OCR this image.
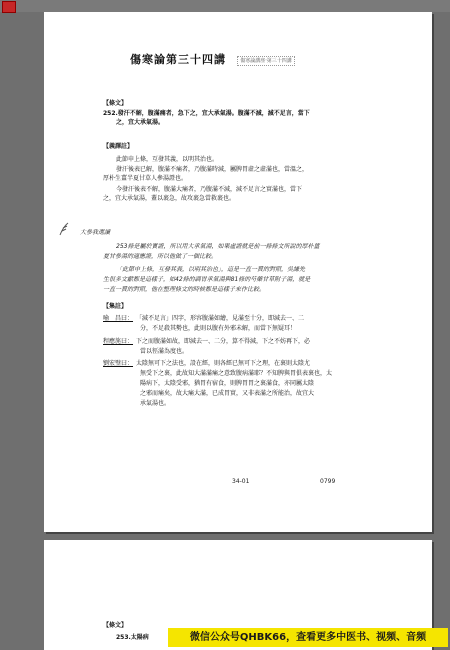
傷寒論第三十四講	傷寒論講座‧第三十四講
【條文】
252.發汗不解，腹滿痛者，急下之，宜大承氣湯。腹滿不減，減不足言，當下
之，宜大承氣湯。
【義譯註】
此節申上條，互發其義，以明其治也。
發汗後表已解，腹滿不痛者，乃腹滿時減，屬脾胃虛之虛滿也，當溫之，
厚朴生薑半夏甘草人參湯證也。
今發汗後表不解，腹滿大痛者，乃腹滿不減，減不足言之實滿也，當下
之，宜大承氣湯，蓋以裹急，故攻裹急當救裹也。
大參我選讀
253條是屬於實證，所以用大承氣湯，如果虛證就是前一條條文所說的厚朴薑
夏甘參湯的適應證，所以他做了一個比較。
「此節申上條，互發其義，以明其治也」，這是一直一貫的對照，吳謙先
生很多文獻都是這樣子，如42條的調胃承氣湯與81條的芍藥甘草附子湯，就是
一直一貫的對照，他在整理條文的時候都是這樣子來作比較。
【集註】
喻　昌曰： 「減不足言」四字，形容腹滿如繪，見滿至十分，即減去一、二
分，不足殺其勢也，此則以腹有外邪未解，而當下無疑耳！
程應旄曰： 下之而腹滿如故，即減去一、二分，算不得減，下之不妨再下，必
當以徑滿為度也。
劉宏璧曰： 太陰無可下之法也，設在經，則各經已無可下之理，在裏則太陰尤
無受下之裏，此故知大滿滿痛之意致腹病滿耶？不知脾與胃俱表裏也，太
陽病下，太陰受邪，猶胃有宿食，則脾胃胃之裏滿食，亦同屬太陰
之邪而痛矣，故大痛大滿，已成胃實，又非表滿之所能治，故宜大
承氣湯也。
34-01	0799
【條文】
253.太陽病	微信公众号QHBK66，查看更多中医书、视频、音频
